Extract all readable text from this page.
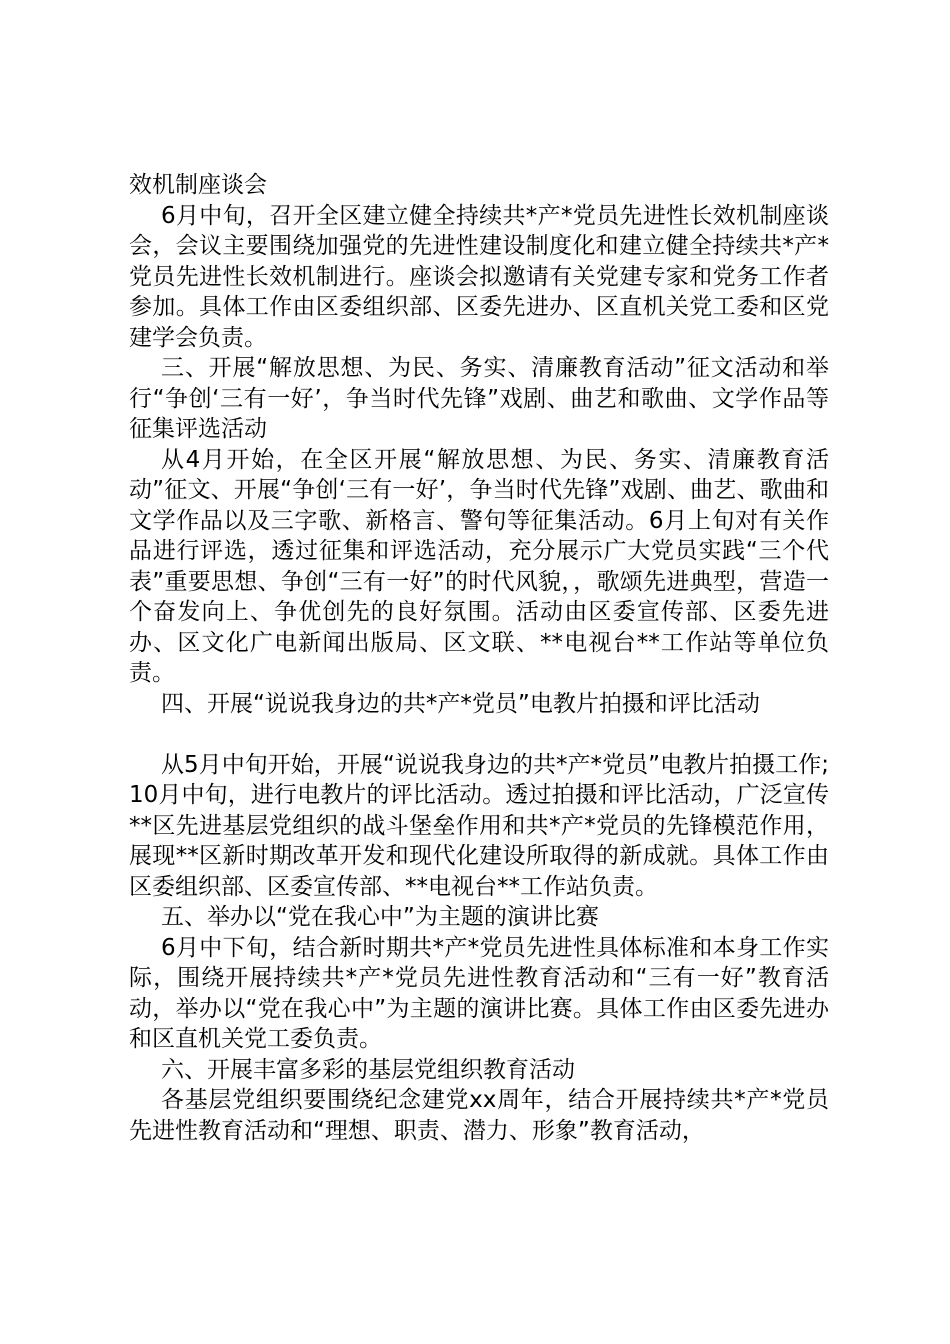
效机制座谈会

6月中旬，召开全区建立健全持续共*产*党员先进性长效机制座谈会，会议主要围绕加强党的先进性建设制度化和建立健全持续共*产*党员先进性长效机制进行。座谈会拟邀请有关党建专家和党务工作者参加。具体工作由区委组织部、区委先进办、区直机关党工委和区党建学会负责。

三、开展“解放思想、为民、务实、清廉教育活动”征文活动和举行“争创‘三有一好’，争当时代先锋”戏剧、曲艺和歌曲、文学作品等征集评选活动

从4月开始，在全区开展“解放思想、为民、务实、清廉教育活动”征文、开展“争创‘三有一好’，争当时代先锋”戏剧、曲艺、歌曲和文学作品以及三字歌、新格言、警句等征集活动。6月上旬对有关作品进行评选，透过征集和评选活动，充分展示广大党员实践“三个代表”重要思想、争创“三有一好”的时代风貌，，歌颂先进典型，营造一个奋发向上、争优创先的良好氛围。活动由区委宣传部、区委先进办、区文化广电新闻出版局、区文联、**电视台**工作站等单位负责。

四、开展“说说我身边的共*产*党员”电教片拍摄和评比活动

从5月中旬开始，开展“说说我身边的共*产*党员”电教片拍摄工作;10月中旬，进行电教片的评比活动。透过拍摄和评比活动，广泛宣传**区先进基层党组织的战斗堡垒作用和共*产*党员的先锋模范作用，展现**区新时期改革开发和现代化建设所取得的新成就。具体工作由区委组织部、区委宣传部、**电视台**工作站负责。

五、举办以“党在我心中”为主题的演讲比赛

6月中下旬，结合新时期共*产*党员先进性具体标准和本身工作实际，围绕开展持续共*产*党员先进性教育活动和“三有一好”教育活动，举办以“党在我心中”为主题的演讲比赛。具体工作由区委先进办和区直机关党工委负责。

六、开展丰富多彩的基层党组织教育活动

各基层党组织要围绕纪念建党xx周年，结合开展持续共*产*党员先进性教育活动和“理想、职责、潜力、形象”教育活动，
